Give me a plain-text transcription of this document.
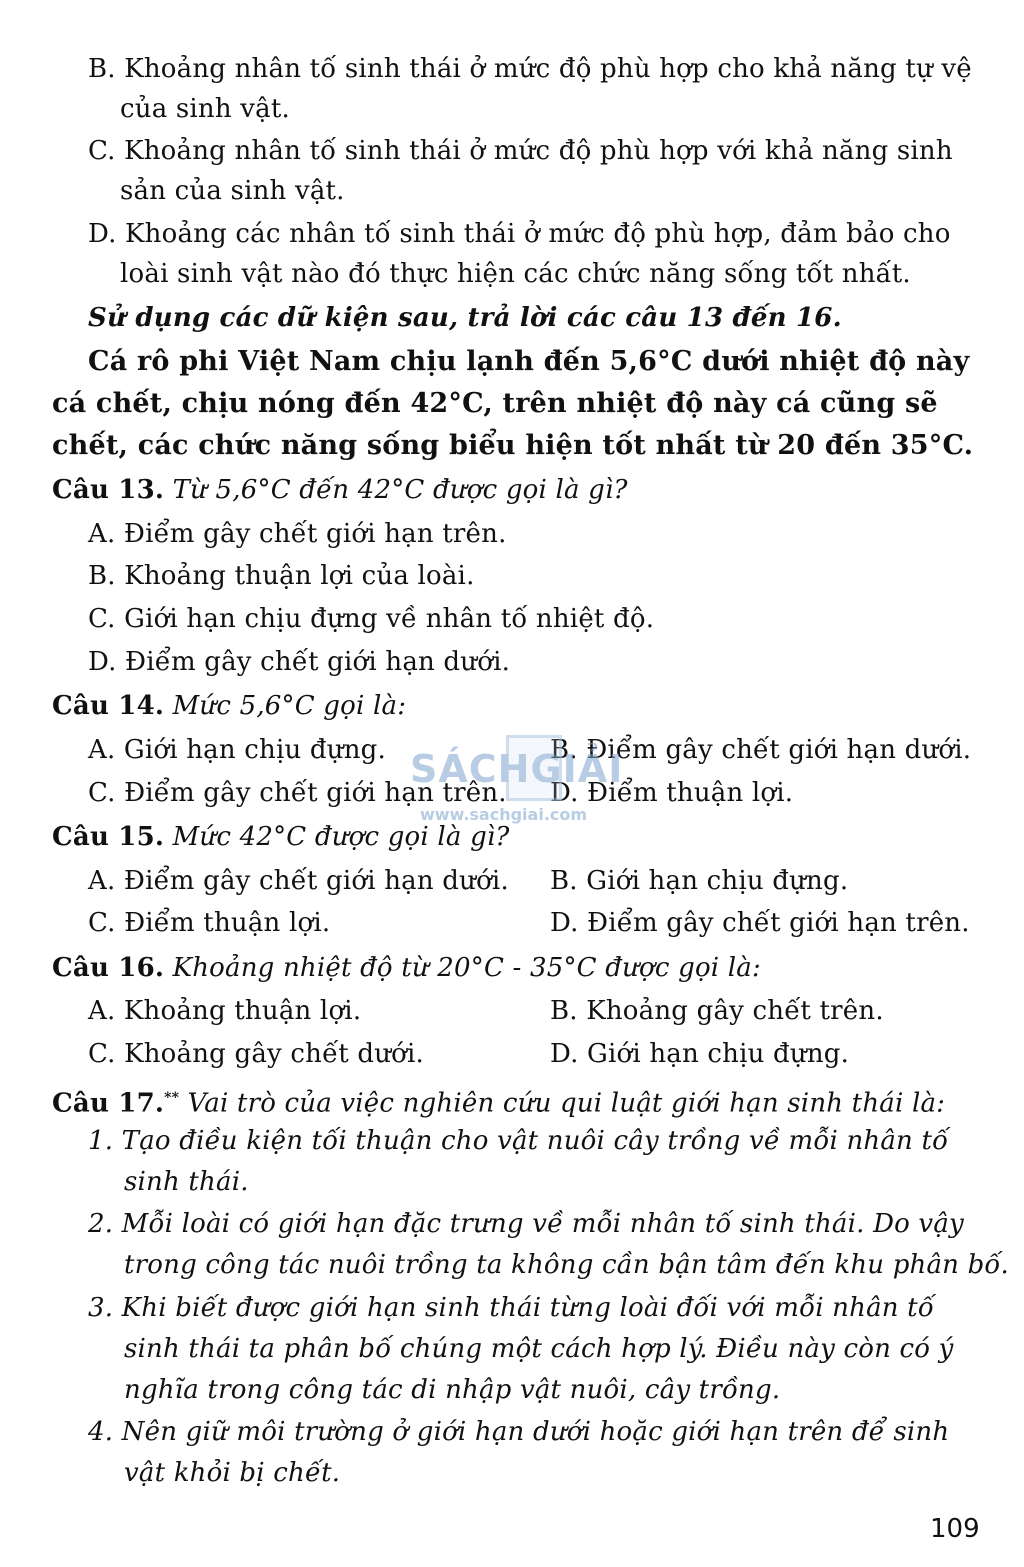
B. Khoảng nhân tố sinh thái ở mức độ phù hợp cho khả năng tự vệ
của sinh vật.
C. Khoảng nhân tố sinh thái ở mức độ phù hợp với khả năng sinh
sản của sinh vật.
D. Khoảng các nhân tố sinh thái ở mức độ phù hợp, đảm bảo cho
loài sinh vật nào đó thực hiện các chức năng sống tốt nhất.
Sử dụng các dữ kiện sau, trả lời các câu 13 đến 16.
Cá rô phi Việt Nam chịu lạnh đến 5,6°C dưới nhiệt độ này
cá chết, chịu nóng đến 42°C, trên nhiệt độ này cá cũng sẽ
chết, các chức năng sống biểu hiện tốt nhất từ 20 đến 35°C.
Câu 13. Từ 5,6°C đến 42°C được gọi là gì?
A. Điểm gây chết giới hạn trên.
B. Khoảng thuận lợi của loài.
C. Giới hạn chịu đựng về nhân tố nhiệt độ.
D. Điểm gây chết giới hạn dưới.
Câu 14. Mức 5,6°C gọi là:
A. Giới hạn chịu đựng.	B. Điểm gây chết giới hạn dưới.
C. Điểm gây chết giới hạn trên. D. Điểm thuận lợi.
Câu 15. Mức 42°C được gọi là gì?
A. Điểm gây chết giới hạn dưới. B. Giới hạn chịu đựng.
C. Điểm thuận lợi.	D. Điểm gây chết giới hạn trên.
Câu 16. Khoảng nhiệt độ từ 20°C - 35°C được gọi là:
A. Khoảng thuận lợi.	B. Khoảng gây chết trên.
C. Khoảng gây chết dưới.	D. Giới hạn chịu đựng.
Câu 17.** Vai trò của việc nghiên cứu qui luật giới hạn sinh thái là:
1. Tạo điều kiện tối thuận cho vật nuôi cây trồng về mỗi nhân tố
sinh thái.
2. Mỗi loài có giới hạn đặc trưng về mỗi nhân tố sinh thái. Do vậy
trong công tác nuôi trồng ta không cần bận tâm đến khu phân bố.
3. Khi biết được giới hạn sinh thái từng loài đối với mỗi nhân tố
sinh thái ta phân bố chúng một cách hợp lý. Điều này còn có ý
nghĩa trong công tác di nhập vật nuôi, cây trồng.
4. Nên giữ môi trường ở giới hạn dưới hoặc giới hạn trên để sinh
vật khỏi bị chết.
SÁCHGIẢI
www.sachgiai.com
109
